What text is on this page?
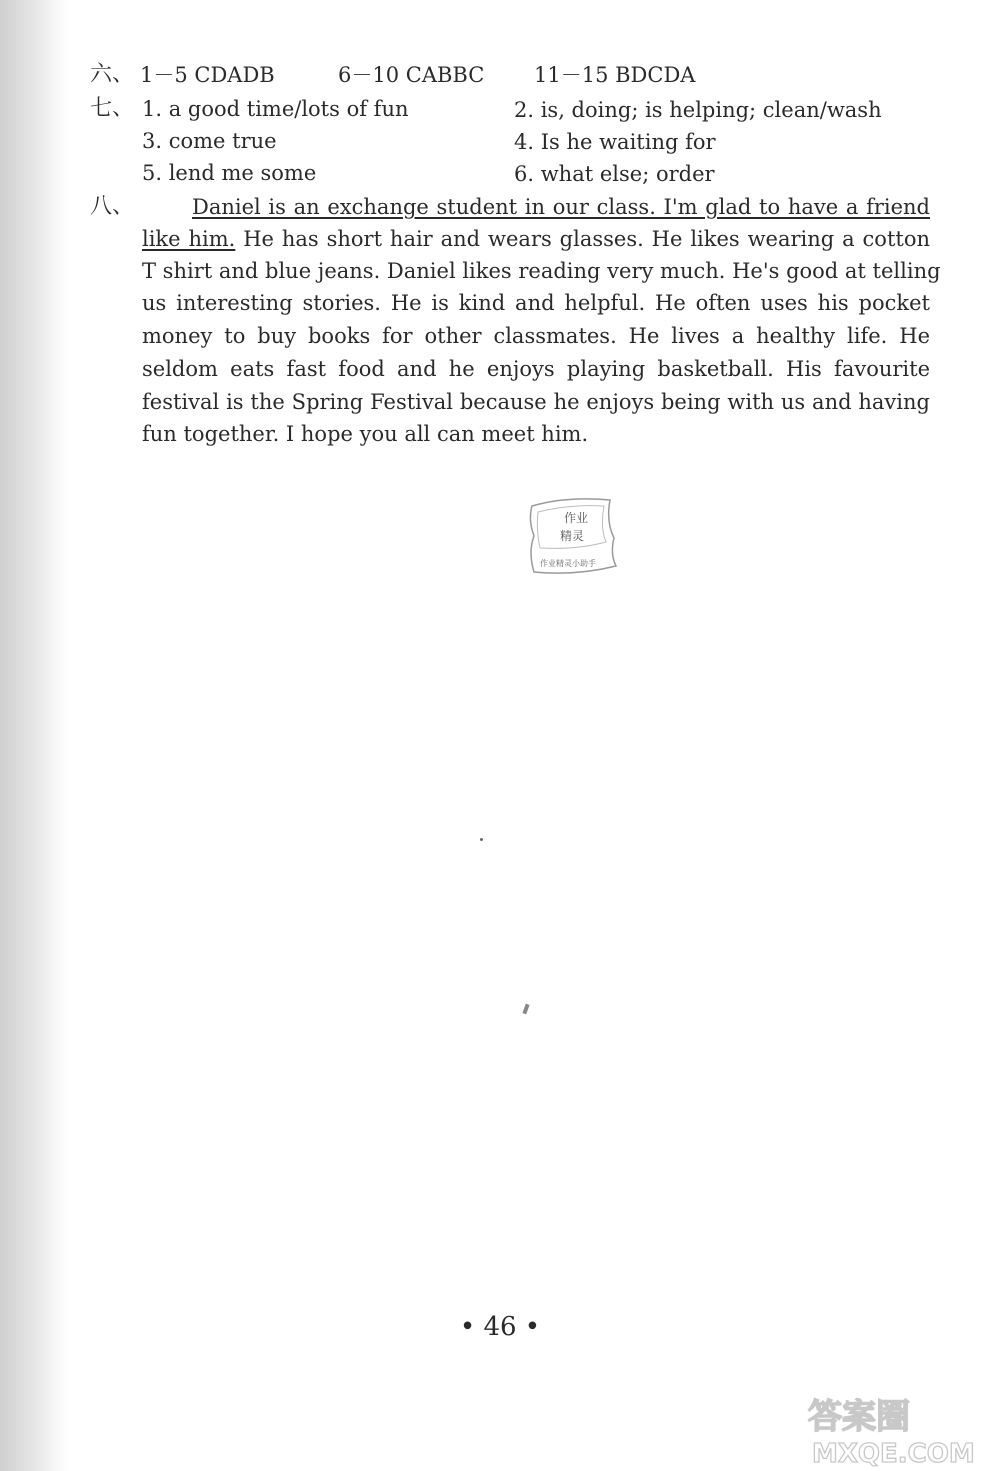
六、 1－5 CDADB	6－10 CABBC 11－15 BDCDA
七、 1. a good time/lots of fun	2. is, doing; is helping; clean/wash
3. come true	4. Is he waiting for
5. lend me some	6. what else; order
八、	Daniel is an exchange student in our class. I'm glad to have a friend
like him. He has short hair and wears glasses. He likes wearing a cotton
T shirt and blue jeans. Daniel likes reading very much. He's good at telling
us interesting stories. He is kind and helpful. He often uses his pocket
money to buy books for other classmates. He lives a healthy life. He
seldom eats fast food and he enjoys playing basketball. His favourite
festival is the Spring Festival because he enjoys being with us and having
fun together. I hope you all can meet him.
作业
精灵
作业精灵小助手
• 46 •
答案圈
MXQE.COM
